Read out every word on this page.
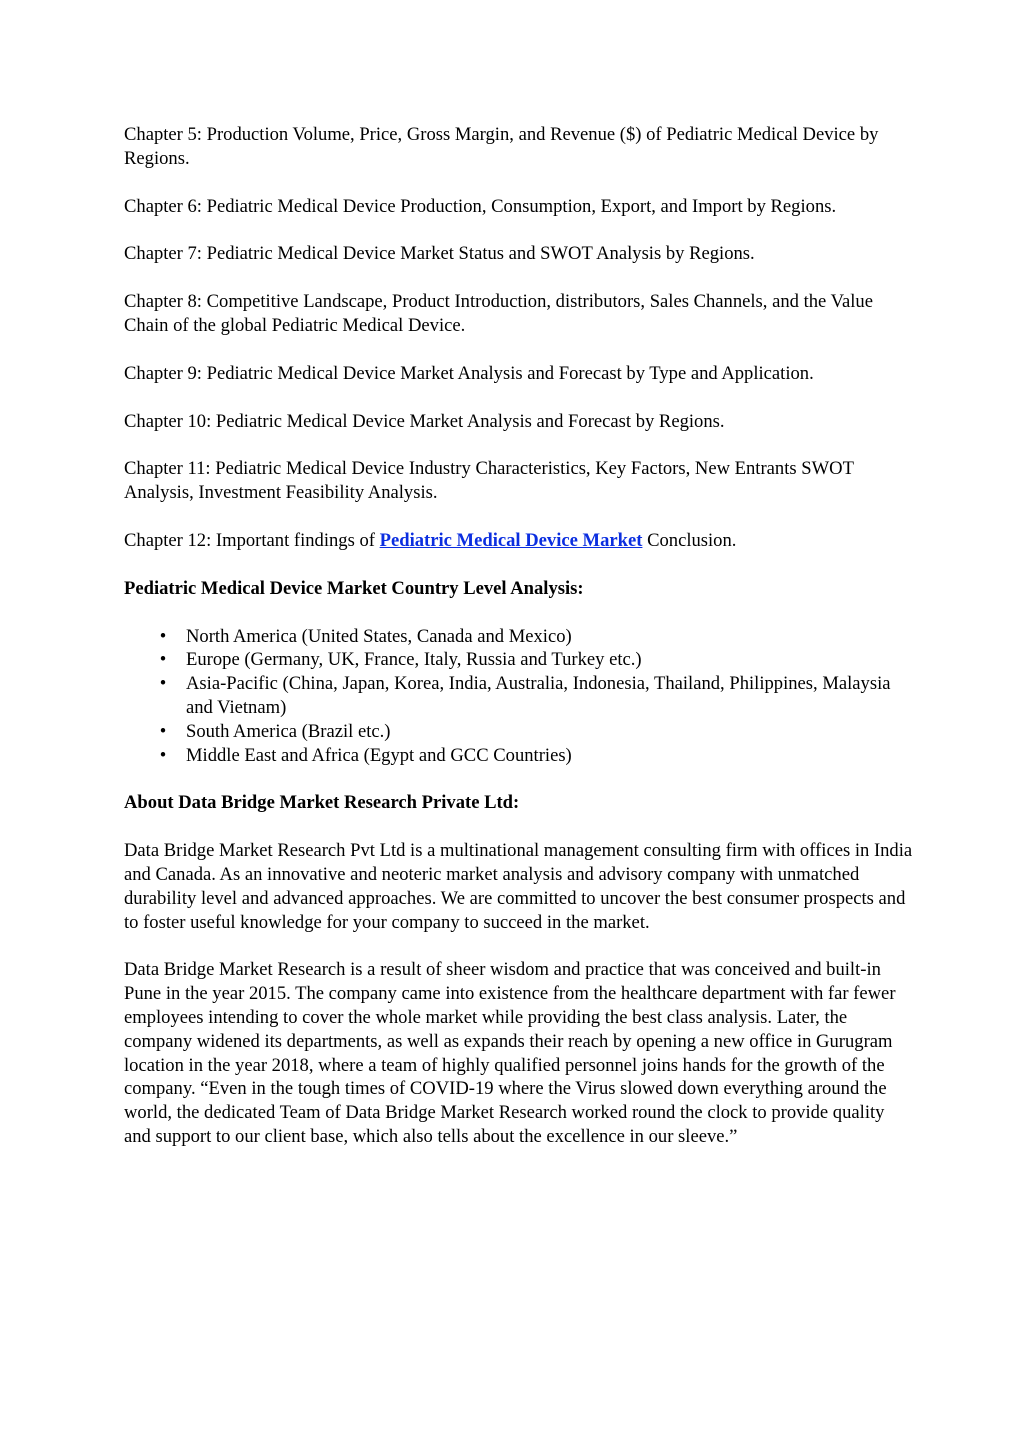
Chapter 5: Production Volume, Price, Gross Margin, and Revenue ($) of Pediatric Medical Device by Regions.

Chapter 6: Pediatric Medical Device Production, Consumption, Export, and Import by Regions.

Chapter 7: Pediatric Medical Device Market Status and SWOT Analysis by Regions.

Chapter 8: Competitive Landscape, Product Introduction, distributors, Sales Channels, and the Value Chain of the global Pediatric Medical Device.

Chapter 9: Pediatric Medical Device Market Analysis and Forecast by Type and Application.

Chapter 10: Pediatric Medical Device Market Analysis and Forecast by Regions.

Chapter 11: Pediatric Medical Device Industry Characteristics, Key Factors, New Entrants SWOT Analysis, Investment Feasibility Analysis.

Chapter 12: Important findings of Pediatric Medical Device Market Conclusion.

Pediatric Medical Device Market Country Level Analysis:

• North America (United States, Canada and Mexico)
• Europe (Germany, UK, France, Italy, Russia and Turkey etc.)
• Asia-Pacific (China, Japan, Korea, India, Australia, Indonesia, Thailand, Philippines, Malaysia and Vietnam)
• South America (Brazil etc.)
• Middle East and Africa (Egypt and GCC Countries)

About Data Bridge Market Research Private Ltd:

Data Bridge Market Research Pvt Ltd is a multinational management consulting firm with offices in India and Canada. As an innovative and neoteric market analysis and advisory company with unmatched durability level and advanced approaches. We are committed to uncover the best consumer prospects and to foster useful knowledge for your company to succeed in the market.

Data Bridge Market Research is a result of sheer wisdom and practice that was conceived and built-in Pune in the year 2015. The company came into existence from the healthcare department with far fewer employees intending to cover the whole market while providing the best class analysis. Later, the company widened its departments, as well as expands their reach by opening a new office in Gurugram location in the year 2018, where a team of highly qualified personnel joins hands for the growth of the company. “Even in the tough times of COVID-19 where the Virus slowed down everything around the world, the dedicated Team of Data Bridge Market Research worked round the clock to provide quality and support to our client base, which also tells about the excellence in our sleeve.”
